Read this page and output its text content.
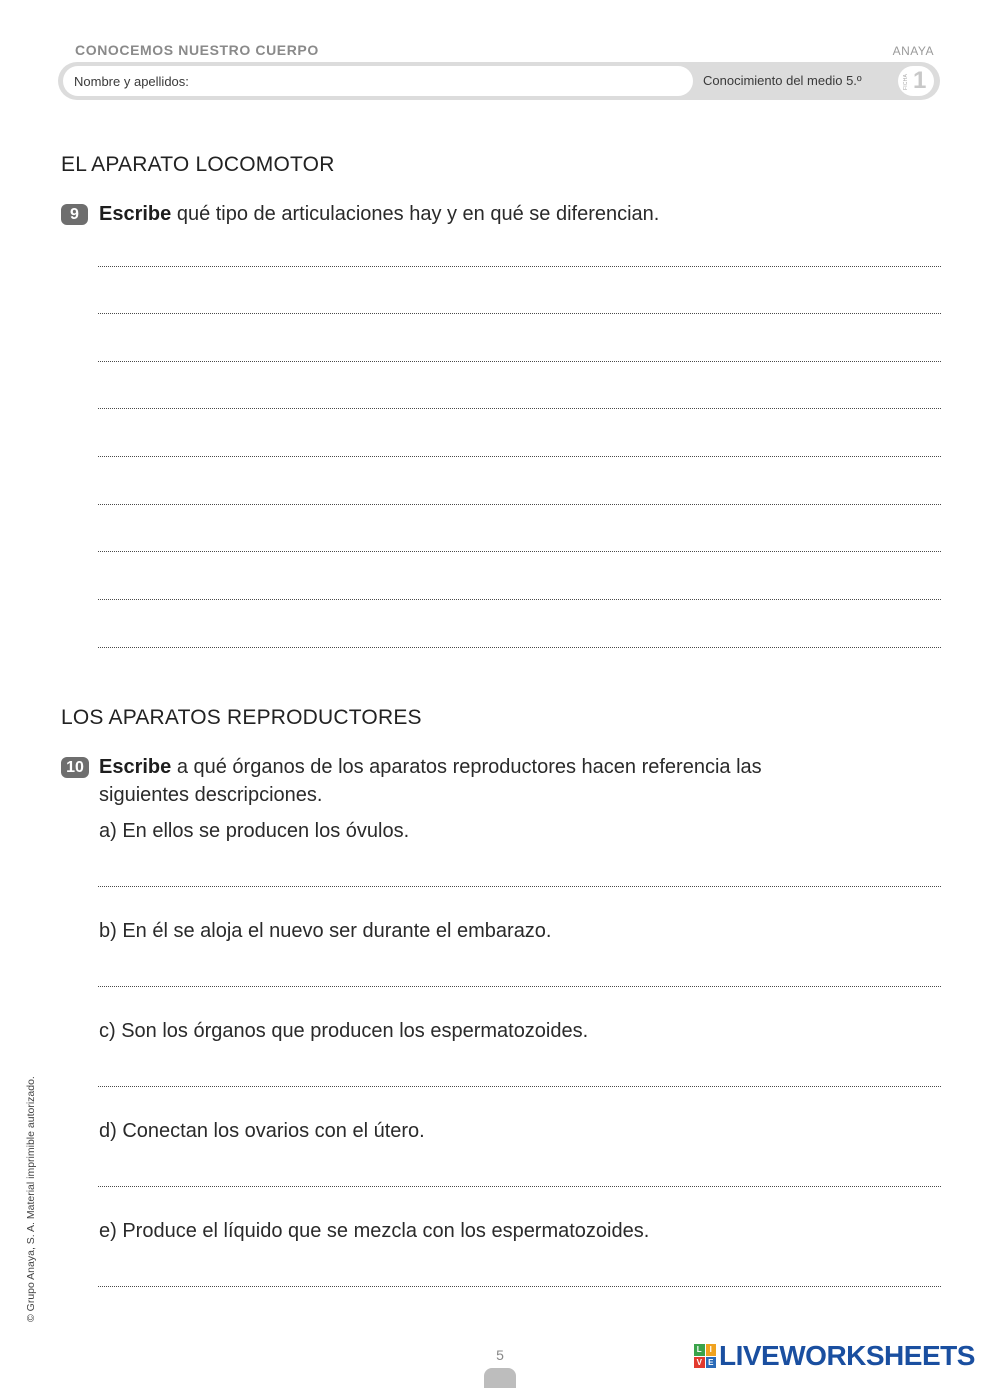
CONOCEMOS NUESTRO CUERPO	ANAYA
Nombre y apellidos:	Conocimiento del medio 5.º	FICHA 1
EL APARATO LOCOMOTOR
9	Escribe qué tipo de articulaciones hay y en qué se diferencian.
LOS APARATOS REPRODUCTORES
10 Escribe a qué órganos de los aparatos reproductores hacen referencia las siguientes descripciones.
a) En ellos se producen los óvulos.
b) En él se aloja el nuevo ser durante el embarazo.
c) Son los órganos que producen los espermatozoides.
d) Conectan los ovarios con el útero.
e) Produce el líquido que se mezcla con los espermatozoides.
© Grupo Anaya, S. A. Material imprimible autorizado.
5	L I
V E LIVEWORKSHEETS
